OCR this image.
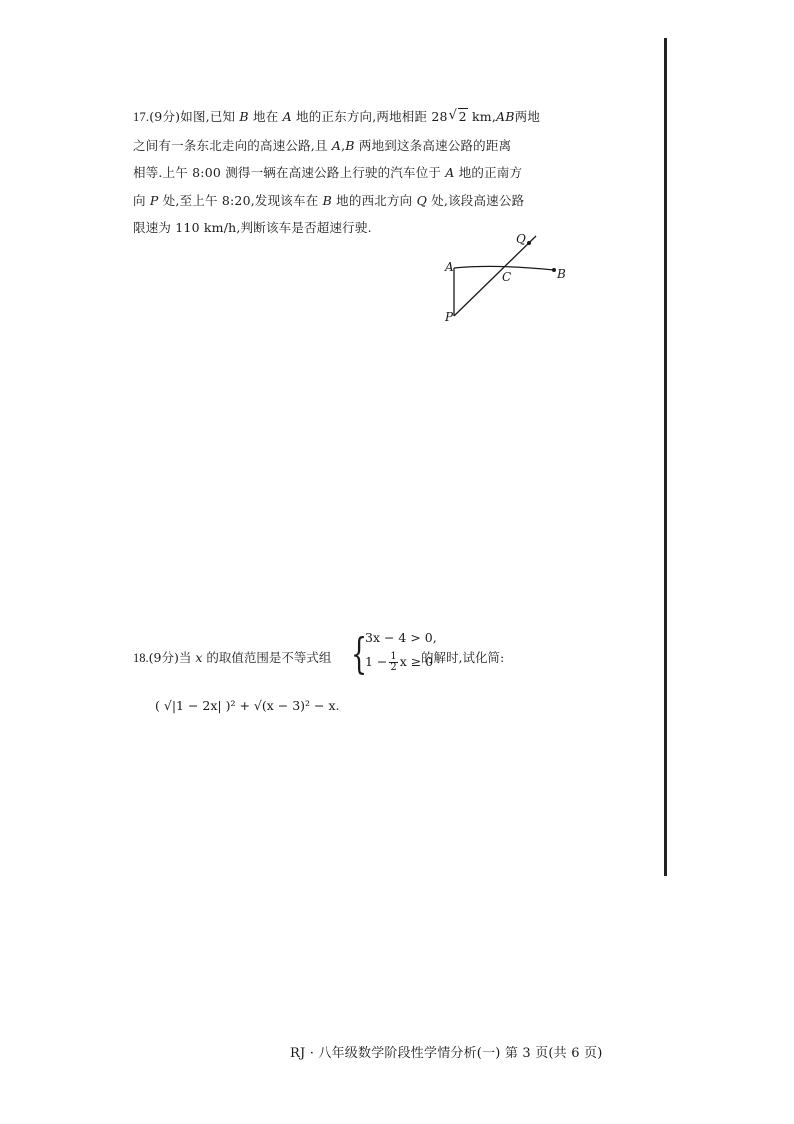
17.(9分)如图,已知 B 地在 A 地的正东方向,两地相距 28 √ 2 km,AB两地

之间有一条东北走向的高速公路,且 A,B 两地到这条高速公路的距离

相等.上午 8:00 测得一辆在高速公路上行驶的汽车位于 A 地的正南方

向 P 处,至上午 8:20,发现该车在 B 地的西北方向 Q 处,该段高速公路

限速为 110 km/h,判断该车是否超速行驶.

A	B
C
P
Q
18.(9分)当 x 的取值范围是不等式组 {
3x − 4 > 0,
$1 - \frac{1}{2}$ x ≥ 0
的解时,试化简:
( √|1 − 2x| )² + √(x − 3)² − x.
RJ · 八年级数学阶段性学情分析(一) 第 3 页(共 6 页)
